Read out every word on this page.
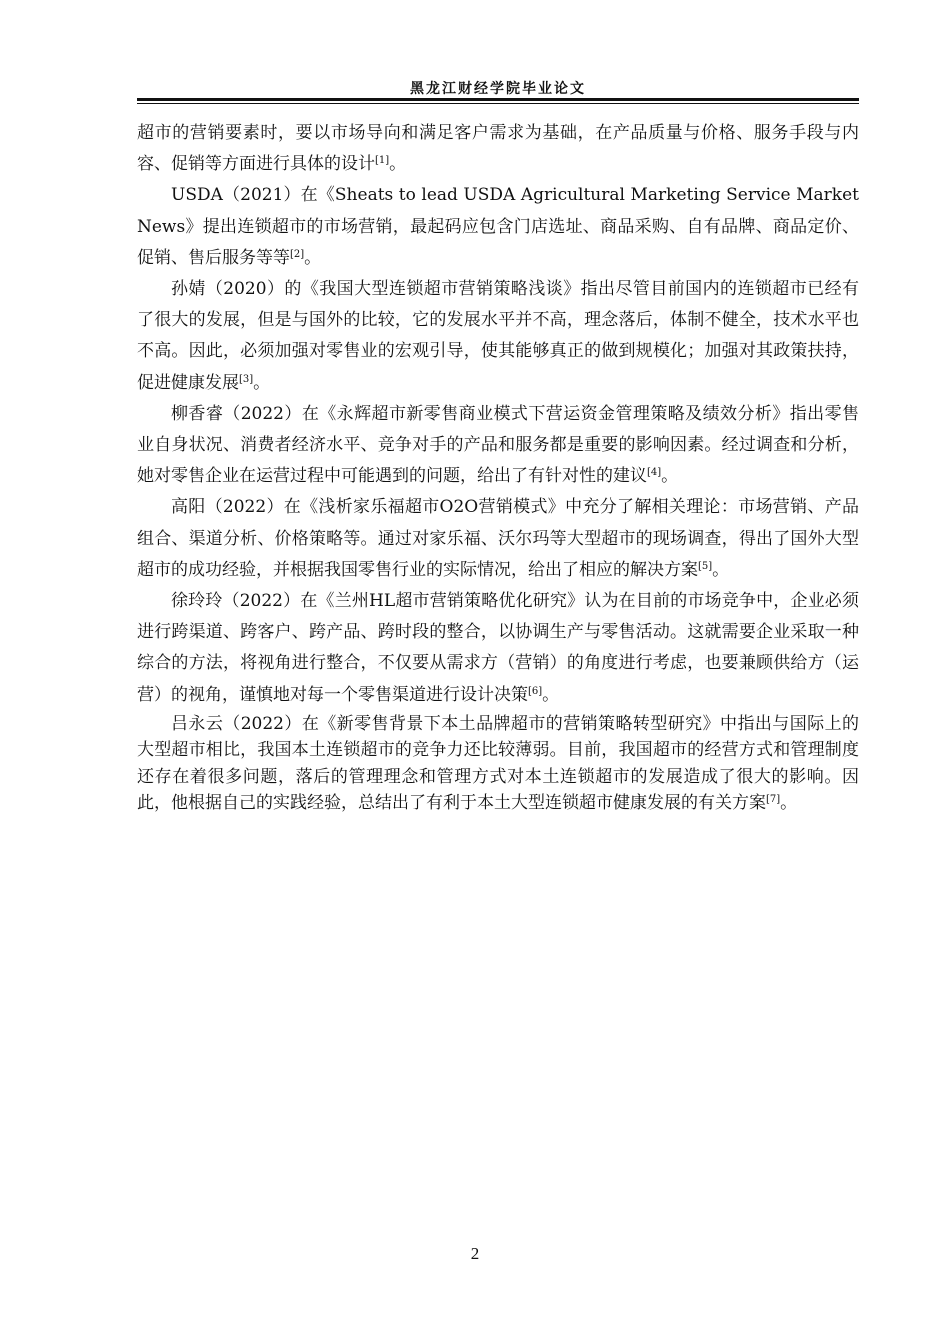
黑龙江财经学院毕业论文

超市的营销要素时，要以市场导向和满足客户需求为基础，在产品质量与价格、服务手段与内容、促销等方面进行具体的设计[1]。

USDA（2021）在《Sheats to lead USDA Agricultural Marketing Service Market News》提出连锁超市的市场营销，最起码应包含门店选址、商品采购、自有品牌、商品定价、促销、售后服务等等[2]。

孙婧（2020）的《我国大型连锁超市营销策略浅谈》指出尽管目前国内的连锁超市已经有了很大的发展，但是与国外的比较，它的发展水平并不高，理念落后，体制不健全，技术水平也不高。因此，必须加强对零售业的宏观引导，使其能够真正的做到规模化；加强对其政策扶持，促进健康发展[3]。

柳香睿（2022）在《永辉超市新零售商业模式下营运资金管理策略及绩效分析》指出零售业自身状况、消费者经济水平、竞争对手的产品和服务都是重要的影响因素。经过调查和分析，她对零售企业在运营过程中可能遇到的问题，给出了有针对性的建议[4]。

高阳（2022）在《浅析家乐福超市O2O营销模式》中充分了解相关理论：市场营销、产品组合、渠道分析、价格策略等。通过对家乐福、沃尔玛等大型超市的现场调查，得出了国外大型超市的成功经验，并根据我国零售行业的实际情况，给出了相应的解决方案[5]。

徐玲玲（2022）在《兰州HL超市营销策略优化研究》认为在目前的市场竞争中，企业必须进行跨渠道、跨客户、跨产品、跨时段的整合，以协调生产与零售活动。这就需要企业采取一种综合的方法，将视角进行整合，不仅要从需求方（营销）的角度进行考虑，也要兼顾供给方（运营）的视角，谨慎地对每一个零售渠道进行设计决策[6]。

吕永云（2022）在《新零售背景下本土品牌超市的营销策略转型研究》中指出与国际上的大型超市相比，我国本土连锁超市的竞争力还比较薄弱。目前，我国超市的经营方式和管理制度还存在着很多问题，落后的管理理念和管理方式对本土连锁超市的发展造成了很大的影响。因此，他根据自己的实践经验，总结出了有利于本土大型连锁超市健康发展的有关方案[7]。

2
